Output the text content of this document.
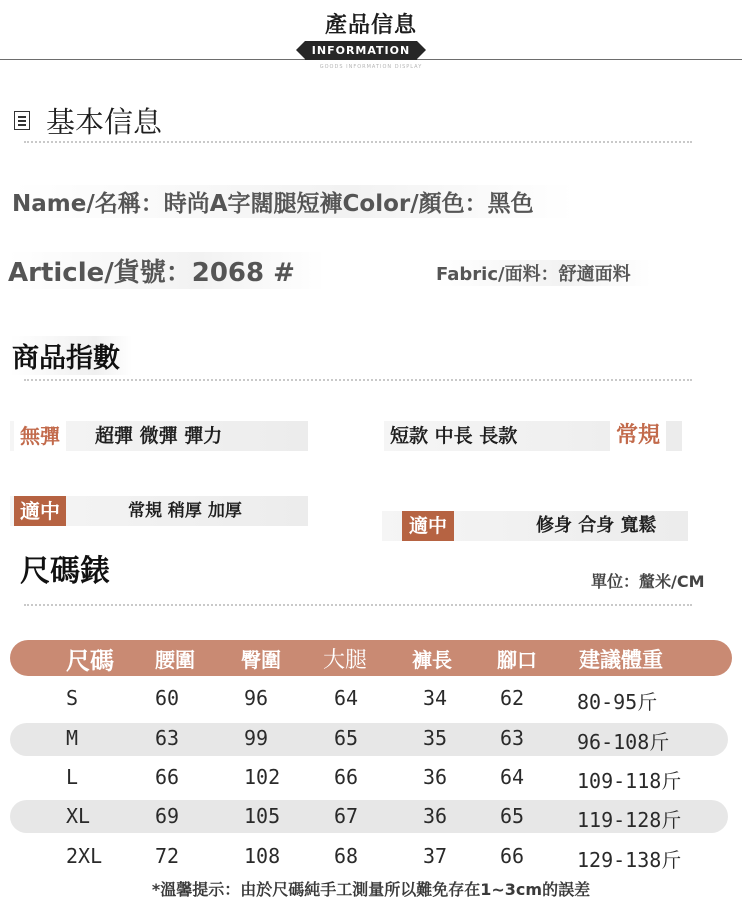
產品信息
INFORMATION
GOODS INFORMATION DISPLAY
基本信息
Name/名稱：時尚A字闊腿短褲Color/顏色：黑色
Article/貨號：2068 #	Fabric/面料：舒適面料
商品指數
無彈	超彈 微彈 彈力	短款 中長 長款	常規
適中	常規 稍厚 加厚
適中	修身 合身 寬鬆
尺碼錶	單位：釐米/CM
尺碼 腰圍 臀圍 大腿 褲長 腳口 建議體重
S	60	96	64	34	62	80-95斤
M	63	99	65	35	63	96-108斤
L	66	102	66	36	64	109-118斤
XL	69	105	67	36	65	119-128斤
2XL	72	108	68	37	66	129-138斤
*溫馨提示：由於尺碼純手工測量所以難免存在1~3cm的誤差
